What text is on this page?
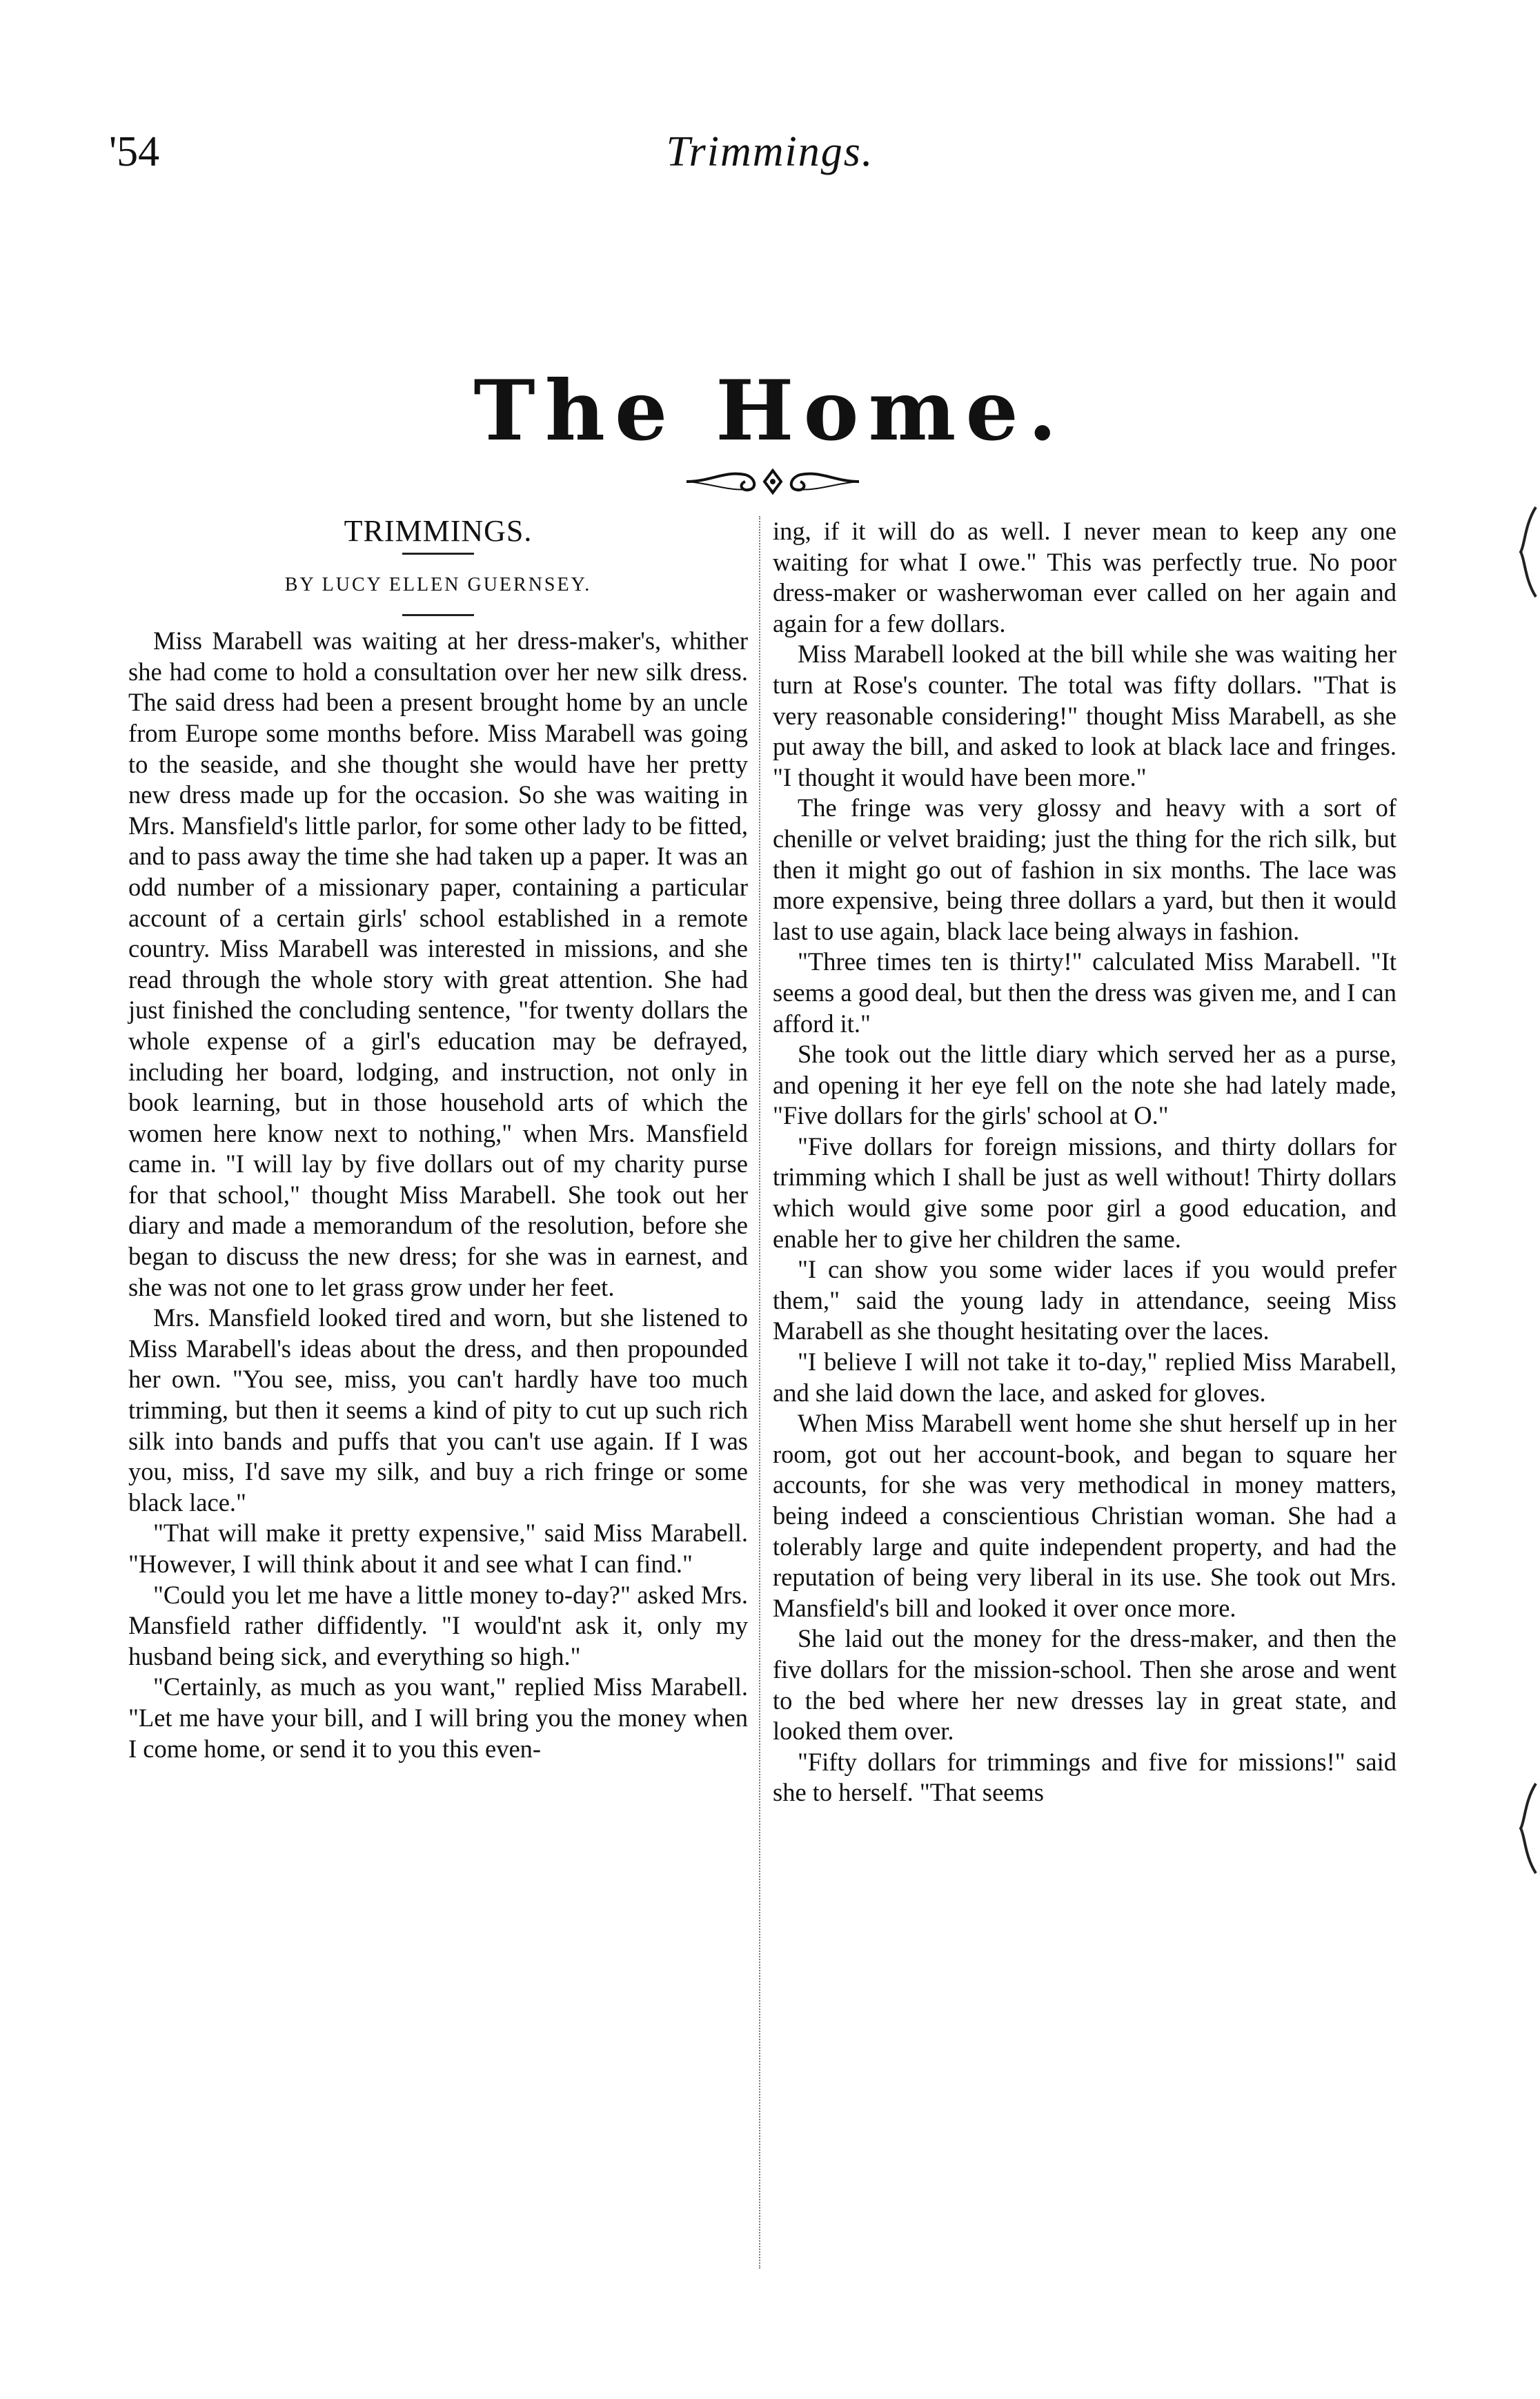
'54	Trimmings.
The Home.
TRIMMINGS.
BY LUCY ELLEN GUERNSEY.

Miss Marabell was waiting at her dress-maker's, whither she had come to hold a consultation over her new silk dress. The said dress had been a present brought home by an uncle from Europe some months before. Miss Marabell was going to the seaside, and she thought she would have her pretty new dress made up for the occasion. So she was waiting in Mrs. Mansfield's little parlor, for some other lady to be fitted, and to pass away the time she had taken up a paper. It was an odd number of a missionary paper, containing a particular account of a certain girls' school established in a remote country. Miss Marabell was interested in missions, and she read through the whole story with great attention. She had just finished the concluding sentence, "for twenty dollars the whole expense of a girl's education may be defrayed, including her board, lodging, and instruction, not only in book learning, but in those household arts of which the women here know next to nothing," when Mrs. Mansfield came in. "I will lay by five dollars out of my charity purse for that school," thought Miss Marabell. She took out her diary and made a memorandum of the resolution, before she began to discuss the new dress; for she was in earnest, and she was not one to let grass grow under her feet.

Mrs. Mansfield looked tired and worn, but she listened to Miss Marabell's ideas about the dress, and then propounded her own. "You see, miss, you can't hardly have too much trimming, but then it seems a kind of pity to cut up such rich silk into bands and puffs that you can't use again. If I was you, miss, I'd save my silk, and buy a rich fringe or some black lace."

"That will make it pretty expensive," said Miss Marabell. "However, I will think about it and see what I can find."

"Could you let me have a little money to-day?" asked Mrs. Mansfield rather diffidently. "I would'nt ask it, only my husband being sick, and everything so high."

"Certainly, as much as you want," replied Miss Marabell. "Let me have your bill, and I will bring you the money when I come home, or send it to you this even-

ing, if it will do as well. I never mean to keep any one waiting for what I owe." This was perfectly true. No poor dress-maker or washerwoman ever called on her again and again for a few dollars.

Miss Marabell looked at the bill while she was waiting her turn at Rose's counter. The total was fifty dollars. "That is very reasonable considering!" thought Miss Marabell, as she put away the bill, and asked to look at black lace and fringes. "I thought it would have been more."

The fringe was very glossy and heavy with a sort of chenille or velvet braiding; just the thing for the rich silk, but then it might go out of fashion in six months. The lace was more expensive, being three dollars a yard, but then it would last to use again, black lace being always in fashion.

"Three times ten is thirty!" calculated Miss Marabell. "It seems a good deal, but then the dress was given me, and I can afford it."

She took out the little diary which served her as a purse, and opening it her eye fell on the note she had lately made, "Five dollars for the girls' school at O."

"Five dollars for foreign missions, and thirty dollars for trimming which I shall be just as well without! Thirty dollars which would give some poor girl a good education, and enable her to give her children the same.

"I can show you some wider laces if you would prefer them," said the young lady in attendance, seeing Miss Marabell as she thought hesitating over the laces.

"I believe I will not take it to-day," replied Miss Marabell, and she laid down the lace, and asked for gloves.

When Miss Marabell went home she shut herself up in her room, got out her account-book, and began to square her accounts, for she was very methodical in money matters, being indeed a conscientious Christian woman. She had a tolerably large and quite independent property, and had the reputation of being very liberal in its use. She took out Mrs. Mansfield's bill and looked it over once more.

She laid out the money for the dress-maker, and then the five dollars for the mission-school. Then she arose and went to the bed where her new dresses lay in great state, and looked them over.

"Fifty dollars for trimmings and five for missions!" said she to herself. "That seems
